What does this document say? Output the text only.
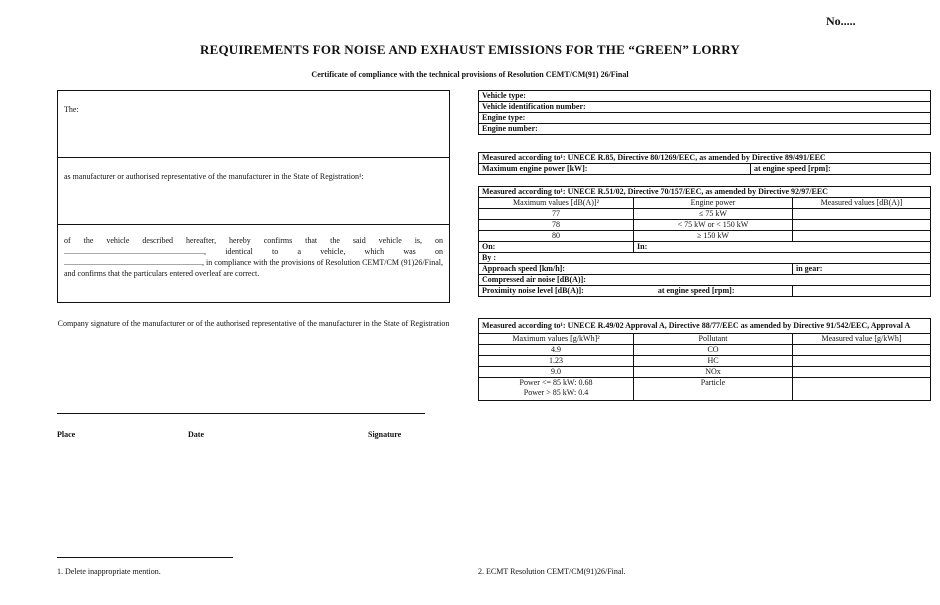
No.....
REQUIREMENTS FOR NOISE AND EXHAUST EMISSIONS FOR THE “GREEN” LORRY
Certificate of compliance with the technical provisions of Resolution CEMT/CM(91) 26/Final
The:
as manufacturer or authorised representative of the manufacturer in the State of Registration¹:
of the vehicle described hereafter, hereby confirms that the said vehicle is, on ......................................................................, identical to a vehicle, which was on ....................................................................., in compliance with the provisions of Resolution CEMT/CM (91)26/Final, and confirms that the particulars entered overleaf are correct.
Company signature of the manufacturer or of the authorised representative of the manufacturer in the State of Registration
Place	Date	Signature
1. Delete inappropriate mention.	2. ECMT Resolution CEMT/CM(91)26/Final.
Vehicle type:
Vehicle identification number:
Engine type:
Engine number:
Measured according to¹: UNECE R.85, Directive 80/1269/EEC, as amended by Directive 89/491/EEC
Maximum engine power [kW]:	at engine speed [rpm]:
Measured according to¹: UNECE R.51/02, Directive 70/157/EEC, as amended by Directive 92/97/EEC		
Maximum values [dB(A)]²	Engine power	Measured values [dB(A)]
77	≤ 75 kW	
78	< 75 kW or < 150 kW	
80	≥ 150 kW	
On:	In:	
By :		
Approach speed [km/h]:		in gear:
Compressed air noise [dB(A)]:		
Proximity noise level [dB(A)]: at engine speed [rpm]:		
Measured according to¹: UNECE R.49/02 Approval A, Directive 88/77/EEC as amended by Directive 91/542/EEC, Approval A		
Maximum values [g/kWh]²	Pollutant	Measured value [g/kWh]
4.9	CO	
1.23	HC	
9.0	NOx	

Power <= 85 kW: 0.68
Power > 85 kW: 0.4	Particle	
